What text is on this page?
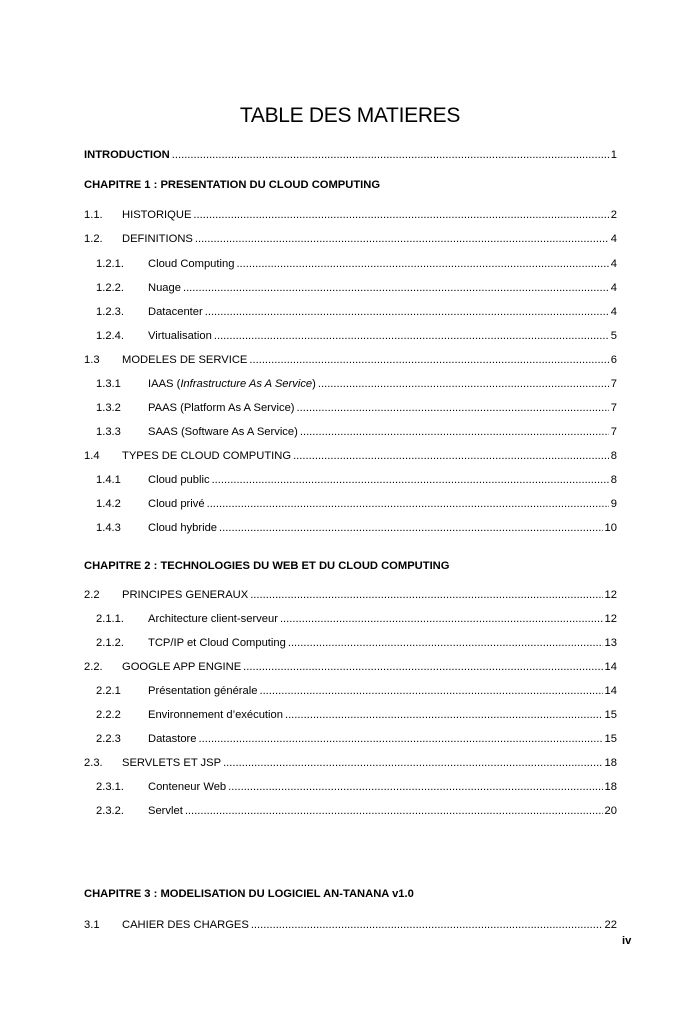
TABLE DES MATIERES
INTRODUCTION .....	1
CHAPITRE 1 : PRESENTATION DU CLOUD COMPUTING
1.1.	HISTORIQUE .....	2
1.2.	DEFINITIONS .....	4
1.2.1.	Cloud Computing .....	4
1.2.2.	Nuage .....	4
1.2.3.	Datacenter .....	4
1.2.4.	Virtualisation .....	5
1.3	MODELES DE SERVICE .....	6
1.3.1	IAAS (Infrastructure As A Service) .....	7
1.3.2	PAAS (Platform As A Service) .....	7
1.3.3	SAAS (Software As A Service) .....	7
1.4	TYPES DE CLOUD COMPUTING .....	8
1.4.1	Cloud public .....	8
1.4.2	Cloud privé .....	9
1.4.3	Cloud hybride .....	10
CHAPITRE 2 : TECHNOLOGIES DU WEB ET DU CLOUD COMPUTING
2.2	PRINCIPES GENERAUX .....	12
2.1.1.	Architecture client-serveur .....	12
2.1.2.	TCP/IP et Cloud Computing .....	13
2.2.	GOOGLE APP ENGINE .....	14
2.2.1	Présentation générale .....	14
2.2.2	Environnement d’exécution .....	15
2.2.3	Datastore .....	15
2.3.	SERVLETS ET JSP .....	18
2.3.1.	Conteneur Web .....	18
2.3.2.	Servlet .....	20
CHAPITRE 3 : MODELISATION DU LOGICIEL AN-TANANA v1.0
3.1	CAHIER DES CHARGES .....	22
iv
